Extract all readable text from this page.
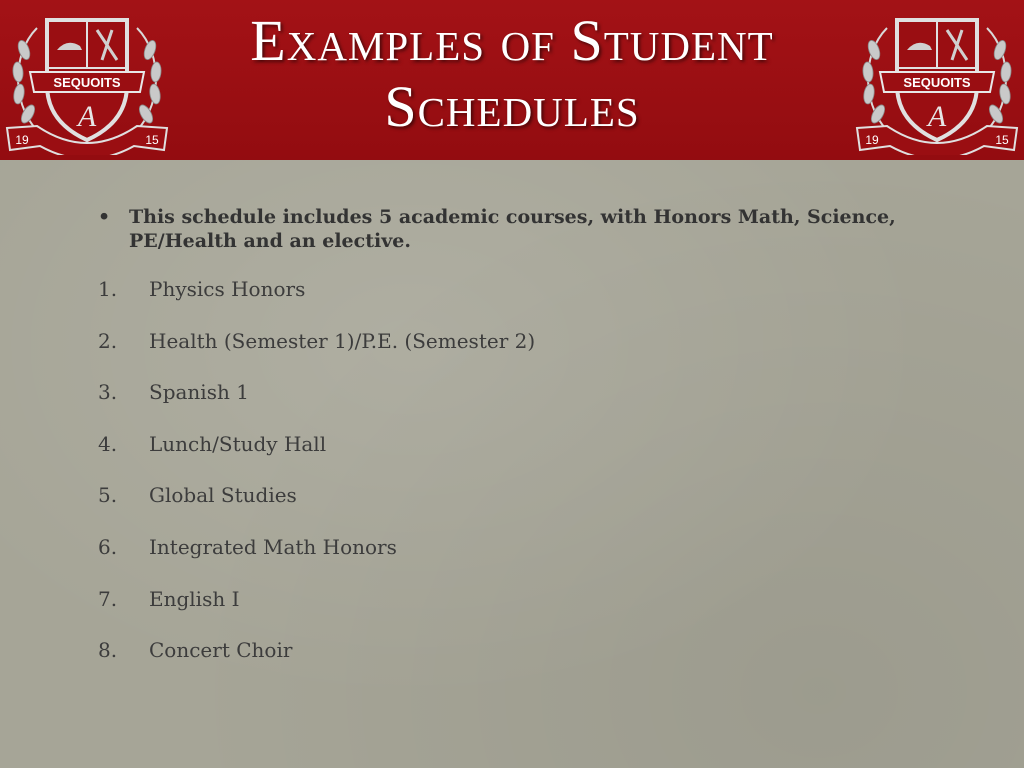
SEQUOITS
A
19	15
Examples of Student
Schedules	SEQUOITS
A
19	15
• This schedule includes 5 academic courses, with Honors Math, Science, PE/Health and an elective.
1. Physics Honors
2. Health (Semester 1)/P.E. (Semester 2)
3. Spanish 1
4. Lunch/Study Hall
5. Global Studies
6. Integrated Math Honors
7. English I
8. Concert Choir
